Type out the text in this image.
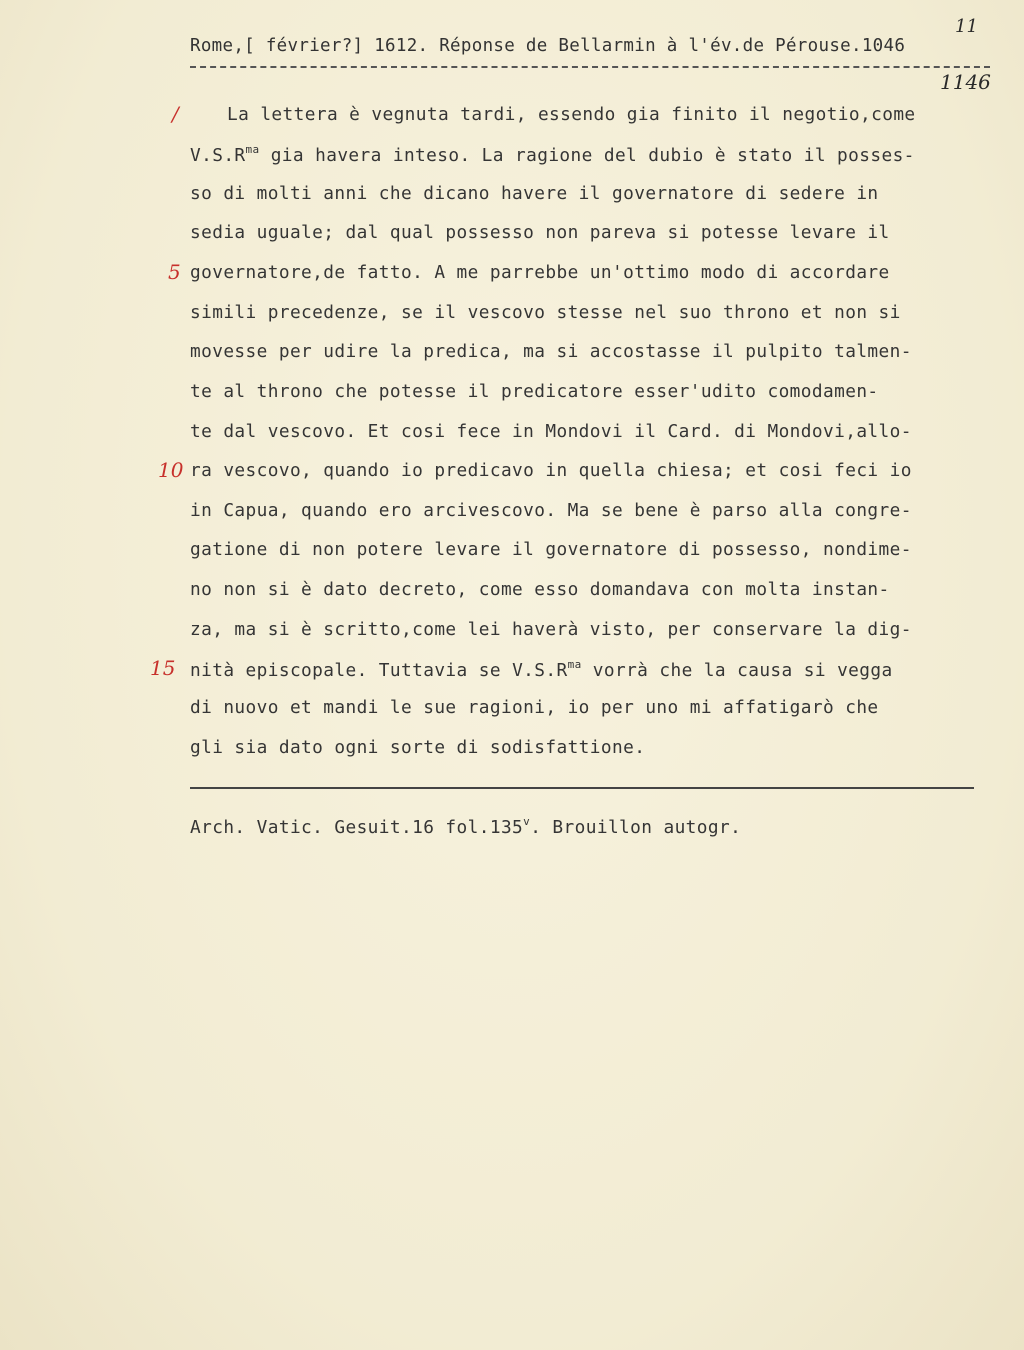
Rome,[ février?] 1612. Réponse de Bellarmin à l'év.de Pérouse.1046
11
1146
/
5
10
15
La lettera è vegnuta tardi, essendo gia finito il negotio,come
$V.S.R^{ma}$ gia havera inteso. La ragione del dubio è stato il posses-
so di molti anni che dicano havere il governatore di sedere in
sedia uguale; dal qual possesso non pareva si potesse levare il
governatore,de fatto. A me parrebbe un'ottimo modo di accordare
simili precedenze, se il vescovo stesse nel suo throno et non si
movesse per udire la predica, ma si accostasse il pulpito talmen-
te al throno che potesse il predicatore esser'udito comodamen-
te dal vescovo. Et cosi fece in Mondovi il Card. di Mondovi,allo-
ra vescovo, quando io predicavo in quella chiesa; et cosi feci io
in Capua, quando ero arcivescovo. Ma se bene è parso alla congre-
gatione di non potere levare il governatore di possesso, nondime-
no non si è dato decreto, come esso domandava con molta instan-
za, ma si è scritto,come lei haverà visto, per conservare la dig-
nità episcopale. Tuttavia se $V.S.R^{ma}$ vorrà che la causa si vegga
di nuovo et mandi le sue ragioni, io per uno mi affatigarò che
gli sia dato ogni sorte di sodisfattione.
Arch. Vatic. Gesuit.16 fol.135$^v$. Brouillon autogr.
